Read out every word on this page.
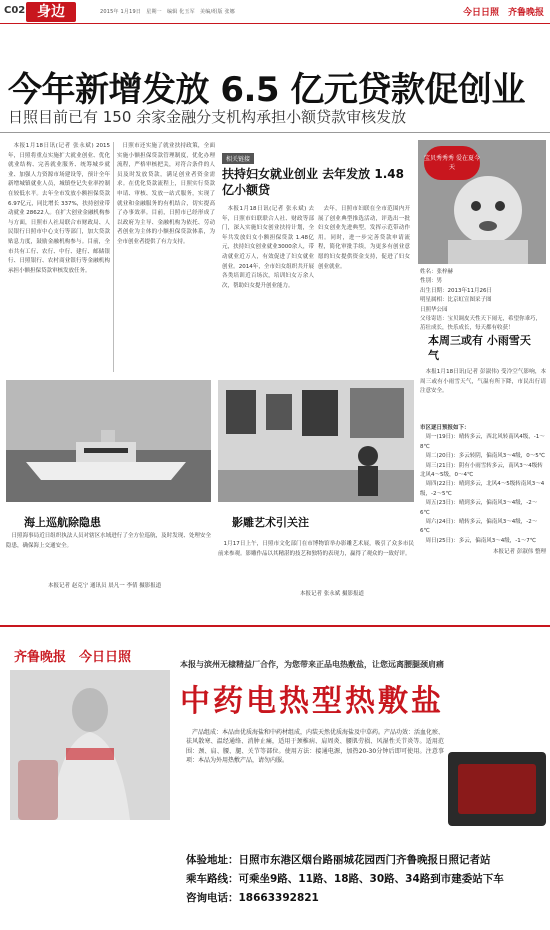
C02 身边	2015年 1月19日　星期一　编辑 化玉军　美编/组版 张娜	今日日照　齐鲁晚报
今年新增发放 6.5 亿元贷款促创业
日照目前已有 150 余家金融分支机构承担小额贷款审核发放

本报1月18日讯(记者 张永斌) 2015年，日照将重点实施扩大就业创业、优化就业结构、完善就业服务、统筹城乡就业、加强人力资源市场建设等，预计全年新增城镇就业人员，城镇登记失业率控制在较低水平。去年全市发放小额担保贷款 6.97亿元，同比增长 337%，扶持创业带动就业 28622人。在扩大创业金融机构参与方面，日照市人社局联合市财政局、人民银行日照市中心支行等部门，加大贷款贴息力度，鼓励金融机构参与。目前，全市共有工行、农行、中行、建行、邮储银行、日照银行、农村商业银行等金融机构承担小额担保贷款审核发放任务。

日照市还实施了就业扶持政策，全面实施小额担保贷款管理制度，优化办理流程，严格审核把关，对符合条件的人员及时发放贷款，满足创业者资金需求。在优化贷款流程上，日照实行贷款申请、审核、发放一站式服务，实现了就业和金融服务的有机结合，切实提高了办事效率。目前，日照市已经形成了以政府为主导、金融机构为依托、劳动者创业为主体的小额担保贷款体系，为全市创业者提供了有力支持。

相关链接
扶持妇女就业创业 去年发放 1.48 亿小额贷

本报1月18日讯(记者 张永斌) 去年，日照市妇联联合人社、财政等部门，深入实施妇女创业扶持计划，全年共发放妇女小额担保贷款 1.48亿元，扶持妇女创业就业3000余人，带动就业近万人，有效促进了妇女就业创业。2014年，全市妇女组织共开展各类培训近百场次，培训妇女万余人次，帮助妇女提升创业能力。

去年，日照市妇联在全市范围内开展了创业典型推选活动，评选出一批妇女创业先进典型，发挥示范带动作用。同时，进一步完善贷款申请流程，简化审批手续，为更多有创业意愿的妇女提供资金支持，促进了妇女创业就业。

宝贝秀秀秀 爱在夏今天
姓名：张梓赫
性别：男
出生日期：2013年11月26日
明星属相：比京虹宣图采子图
日照华公园
父母寄语：宝贝调皮天性天下闹无，希望你乖巧，茁壮成长，快乐成长，每天都有收获！
本周三或有 小雨雪天气

本报1月18日讯(记者 彭淑伟) 受冷空气影响，本周三或有小雨雪天气，气温有所下降，市民出行请注意安全。

市区逐日预报如下：
周一(19日)：晴转多云，西北风转南风4级，-1～8℃
周二(20日)：多云转阴，偏南风3～4级，0～5℃
周三(21日)：阴有小雨雪转多云，南风3～4级转北风4～5级，0～4℃
周四(22日)：晴到多云，北风4～5级转南风3～4级，-2～5℃
周五(23日)：晴到多云，偏南风3～4级，-2～6℃
周六(24日)：晴转多云，偏南风3～4级，-2～6℃
周日(25日)：多云，偏南风3～4级，-1～7℃
本报记者 彭淑伟 整理
海上巡航除隐患

日照海事局近日组织执法人员对辖区水域进行了全方位巡航，及时发现、处理安全隐患，确保海上交通安全。

本报记者 赵克宁 通讯员 晨凡一 李倩 摄影报道
影雕艺术引关注

1月17日上午，日照市文化部门在市博物馆举办影雕艺术展，吸引了众多市民前来参观。影雕作品以其精湛的技艺和独特的表现力，赢得了观众的一致好评。

本报记者 张永斌 摄影报道
齐鲁晚报　今日日照	本报与滨州无棣精益厂合作，为您带来正品电热敷盐，让您远离腰腿颈肩痛
中药电热型热敷盐

产品组成：本品由优质海盐和中药材组成，内装天然优质海盐及中草药。产品功效：活血化瘀、祛风散寒、温经通络、消肿止痛，适用于颈椎病、肩周炎、腰肌劳损、风湿性关节炎等。适用范围：颈、肩、腰、腿、关节等部位。使用方法：接通电源，加热20-30分钟后即可使用。注意事项：本品为外用热敷产品，请勿内服。

体验地址：日照市东港区烟台路丽城花园西门齐鲁晚报日照记者站
乘车路线：可乘坐9路、11路、18路、30路、34路到市建委站下车
咨询电话：18663392821
